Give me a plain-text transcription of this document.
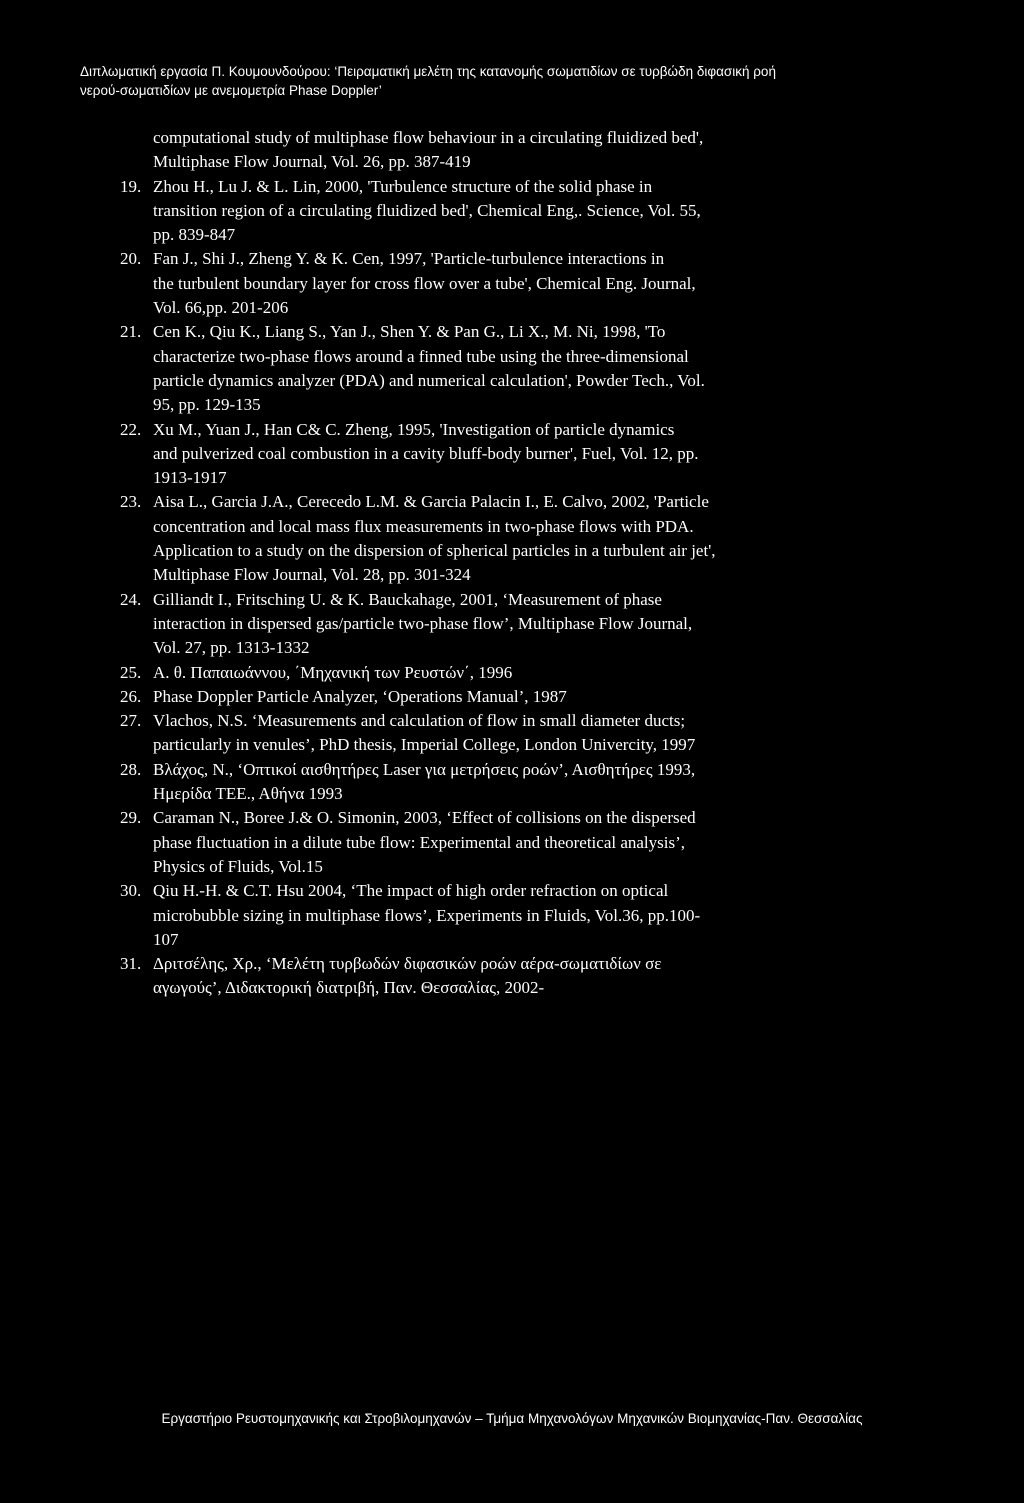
Διπλωματική εργασία Π. Κουμουνδούρου: ‘Πειραματική μελέτη της κατανομής σωματιδίων σε τυρβώδη διφασική ροή
νερού-σωματιδίων με ανεμομετρία Phase Doppler’
computational study of multiphase flow behaviour in a circulating fluidized bed',
Multiphase Flow Journal, Vol. 26, pp. 387-419
19. Zhou H., Lu J. & L. Lin, 2000, 'Turbulence structure of the solid phase in
transition region of a circulating fluidized bed', Chemical Eng,. Science, Vol. 55,
pp. 839-847
20. Fan J., Shi J., Zheng Y. & K. Cen, 1997, 'Particle-turbulence interactions in
the turbulent boundary layer for cross flow over a tube', Chemical Eng. Journal,
Vol. 66,pp. 201-206
21. Cen K., Qiu K., Liang S., Yan J., Shen Y. & Pan G., Li X., M. Ni, 1998, 'To
characterize two-phase flows around a finned tube using the three-dimensional
particle dynamics analyzer (PDA) and numerical calculation', Powder Tech., Vol.
95, pp. 129-135
22. Xu M., Yuan J., Han C& C. Zheng, 1995, 'Investigation of particle dynamics
and pulverized coal combustion in a cavity bluff-body burner', Fuel, Vol. 12, pp.
1913-1917
23. Aisa L., Garcia J.A., Cerecedo L.M. & Garcia Palacin I., E. Calvo, 2002, 'Particle
concentration and local mass flux measurements in two-phase flows with PDA.
Application to a study on the dispersion of spherical particles in a turbulent air jet',
Multiphase Flow Journal, Vol. 28, pp. 301-324
24. Gilliandt I., Fritsching U. & K. Bauckahage, 2001, ‘Measurement of phase
interaction in dispersed gas/particle two-phase flow’, Multiphase Flow Journal,
Vol. 27, pp. 1313-1332
25. Α. θ. Παπαιωάννου, ΄Μηχανική των Ρευστών΄, 1996
26. Phase Doppler Particle Analyzer, ‘Operations Manual’, 1987
27. Vlachos, N.S. ‘Measurements and calculation of flow in small diameter ducts;
particularly in venules’, PhD thesis, Imperial College, London Univercity, 1997
28. Βλάχος, Ν., ‘Οπτικοί αισθητήρες Laser για μετρήσεις ροών’, Αισθητήρες 1993,
Ημερίδα ΤΕΕ., Αθήνα 1993
29. Caraman N., Boree J.& O. Simonin, 2003, ‘Effect of collisions on the dispersed
phase fluctuation in a dilute tube flow: Experimental and theoretical analysis’,
Physics of Fluids, Vol.15
30. Qiu H.-H. & C.T. Hsu 2004, ‘The impact of high order refraction on optical
microbubble sizing in multiphase flows’, Experiments in Fluids, Vol.36, pp.100-
107
31. Δριτσέλης, Χρ., ‘Μελέτη τυρβωδών διφασικών ροών αέρα-σωματιδίων σε
αγωγούς’, Διδακτορική διατριβή, Παν. Θεσσαλίας, 2002-
Εργαστήριο Ρευστομηχανικής και Στροβιλομηχανών – Τμήμα Μηχανολόγων Μηχανικών Βιομηχανίας-Παν. Θεσσαλίας
